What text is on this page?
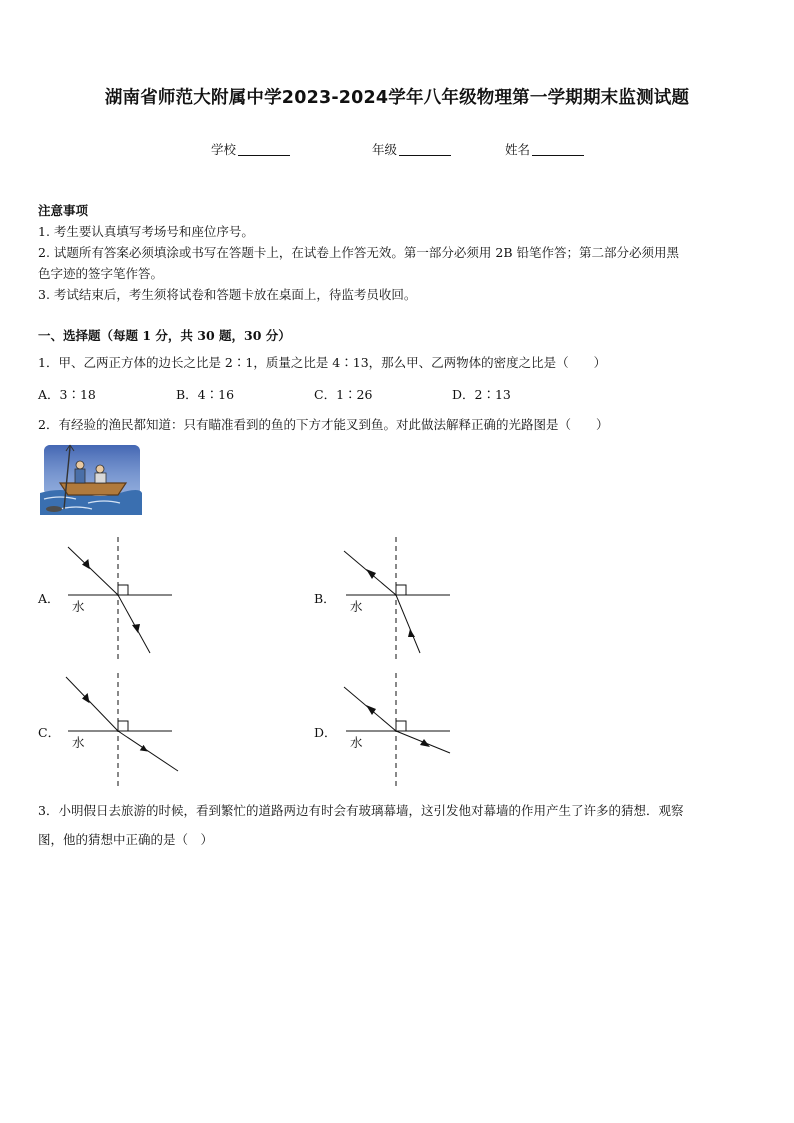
湖南省师范大附属中学2023-2024学年八年级物理第一学期期末监测试题
学校	年级	姓名
注意事项
1. 考生要认真填写考场号和座位序号。
2. 试题所有答案必须填涂或书写在答题卡上，在试卷上作答无效。第一部分必须用 2B 铅笔作答；第二部分必须用黑
色字迹的签字笔作答。
3. 考试结束后，考生须将试卷和答题卡放在桌面上，待监考员收回。
一、选择题（每题 1 分，共 30 题，30 分）
1．甲、乙两正方体的边长之比是 2∶1，质量之比是 4∶13，那么甲、乙两物体的密度之比是（　　）
A．3∶18	B．4∶16	C．1∶26	D．2∶13
2．有经验的渔民都知道：只有瞄准看到的鱼的下方才能叉到鱼。对此做法解释正确的光路图是（　　）
A．
水
B．
水
C．
水
D．
水
3．小明假日去旅游的时候，看到繁忙的道路两边有时会有玻璃幕墙，这引发他对幕墙的作用产生了许多的猜想．观察
图，他的猜想中正确的是（　）
